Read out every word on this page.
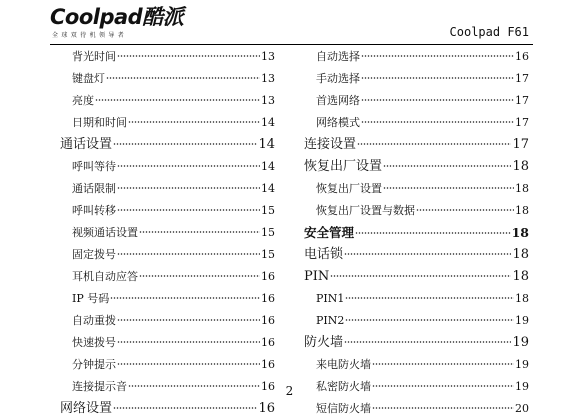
Coolpad酷派
全球双待机领导者	Coolpad F61
背光时间	13
键盘灯	13
亮度	13
日期和时间	14
通话设置	14
呼叫等待	14
通话限制	14
呼叫转移	15
视频通话设置	15
固定拨号	15
耳机自动应答	16
IP 号码	16
自动重拨	16
快速拨号	16
分钟提示	16
连接提示音	16
网络设置	16
自动选择	16
手动选择	17
首选网络	17
网络模式	17
连接设置	17
恢复出厂设置	18
恢复出厂设置	18
恢复出厂设置与数据	18
安全管理	18
电话锁	18
PIN	18
PIN1	18
PIN2	19
防火墙	19
来电防火墙	19
私密防火墙	19
短信防火墙	20
2
